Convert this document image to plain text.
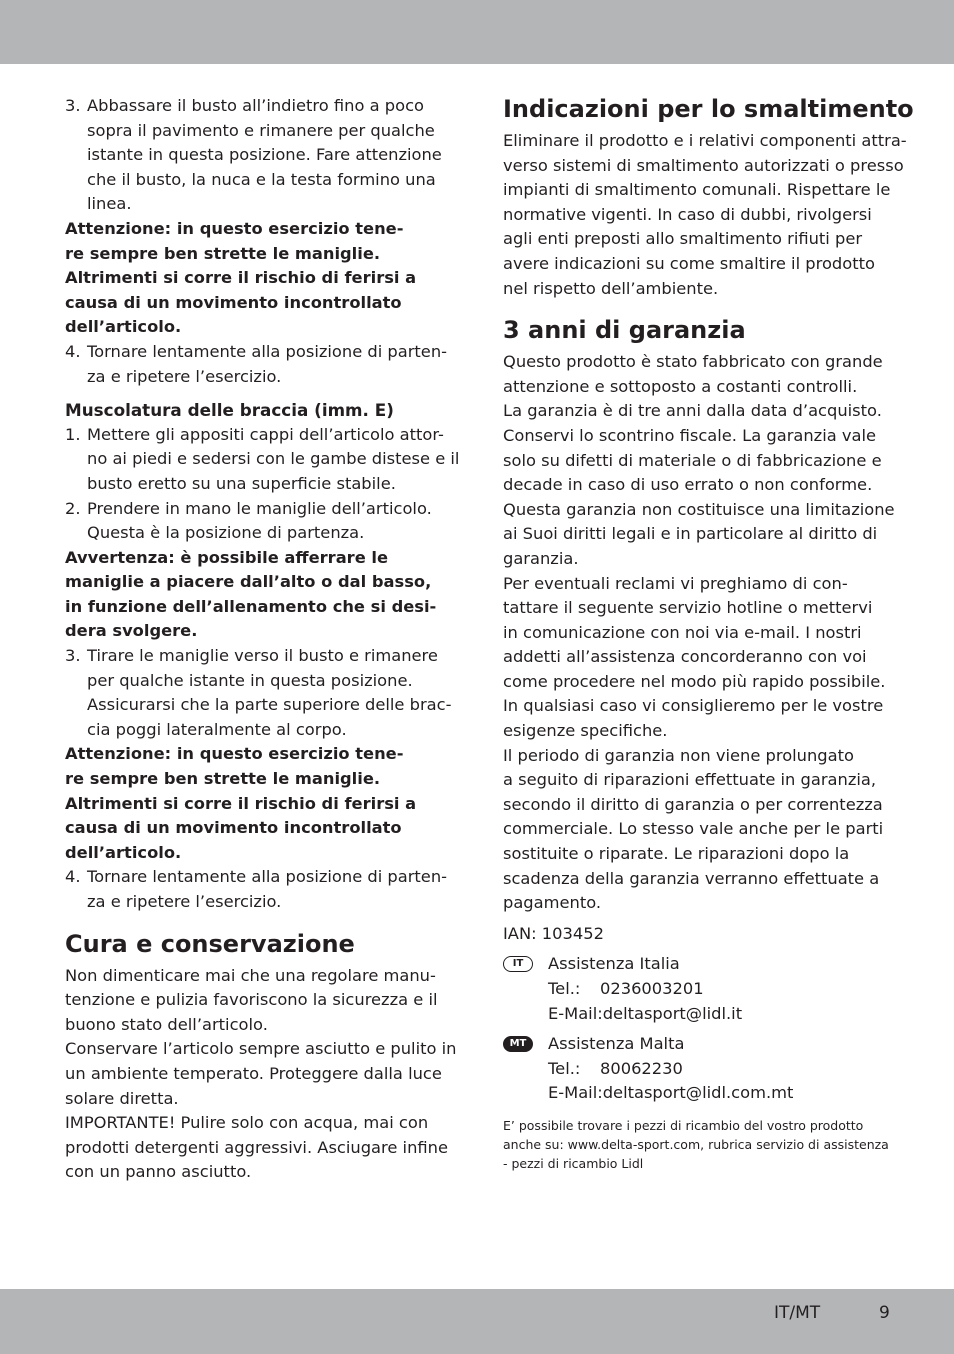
3. Abbassare il busto all’indietro fino a poco
sopra il pavimento e rimanere per qualche
istante in questa posizione. Fare attenzione
che il busto, la nuca e la testa formino una
linea.
Attenzione: in questo esercizio tene-
re sempre ben strette le maniglie.
Altrimenti si corre il rischio di ferirsi a
causa di un movimento incontrollato
dell’articolo.
4. Tornare lentamente alla posizione di parten-
za e ripetere l’esercizio.
Muscolatura delle braccia (imm. E)
1. Mettere gli appositi cappi dell’articolo attor-
no ai piedi e sedersi con le gambe distese e il
busto eretto su una superficie stabile.
2. Prendere in mano le maniglie dell’articolo.
Questa è la posizione di partenza.
Avvertenza: è possibile afferrare le
maniglie a piacere dall’alto o dal basso,
in funzione dell’allenamento che si desi-
dera svolgere.
3. Tirare le maniglie verso il busto e rimanere
per qualche istante in questa posizione.
Assicurarsi che la parte superiore delle brac-
cia poggi lateralmente al corpo.
Attenzione: in questo esercizio tene-
re sempre ben strette le maniglie.
Altrimenti si corre il rischio di ferirsi a
causa di un movimento incontrollato
dell’articolo.
4. Tornare lentamente alla posizione di parten-
za e ripetere l’esercizio.
Cura e conservazione
Non dimenticare mai che una regolare manu-
tenzione e pulizia favoriscono la sicurezza e il
buono stato dell’articolo.
Conservare l’articolo sempre asciutto e pulito in
un ambiente temperato. Proteggere dalla luce
solare diretta.
IMPORTANTE! Pulire solo con acqua, mai con
prodotti detergenti aggressivi. Asciugare infine
con un panno asciutto.
Indicazioni per lo smaltimento
Eliminare il prodotto e i relativi componenti attra-
verso sistemi di smaltimento autorizzati o presso
impianti di smaltimento comunali. Rispettare le
normative vigenti. In caso di dubbi, rivolgersi
agli enti preposti allo smaltimento rifiuti per
avere indicazioni su come smaltire il prodotto
nel rispetto dell’ambiente.
3 anni di garanzia
Questo prodotto è stato fabbricato con grande
attenzione e sottoposto a costanti controlli.
La garanzia è di tre anni dalla data d’acquisto.
Conservi lo scontrino fiscale. La garanzia vale
solo su difetti di materiale o di fabbricazione e
decade in caso di uso errato o non conforme.
Questa garanzia non costituisce una limitazione
ai Suoi diritti legali e in particolare al diritto di
garanzia.
Per eventuali reclami vi preghiamo di con-
tattare il seguente servizio hotline o mettervi
in comunicazione con noi via e-mail. I nostri
addetti all’assistenza concorderanno con voi
come procedere nel modo più rapido possibile.
In qualsiasi caso vi consiglieremo per le vostre
esigenze specifiche.
Il periodo di garanzia non viene prolungato
a seguito di riparazioni effettuate in garanzia,
secondo il diritto di garanzia o per correntezza
commerciale. Lo stesso vale anche per le parti
sostituite o riparate. Le riparazioni dopo la
scadenza della garanzia verranno effettuate a
pagamento.
IAN: 103452
IT	Assistenza Italia
Tel.: 0236003201
E-Mail:deltasport@lidl.it
MT	Assistenza Malta
Tel.: 80062230
E-Mail:deltasport@lidl.com.mt
E’ possibile trovare i pezzi di ricambio del vostro prodotto
anche su: www.delta-sport.com, rubrica servizio di assistenza
- pezzi di ricambio Lidl
IT/MT	9
